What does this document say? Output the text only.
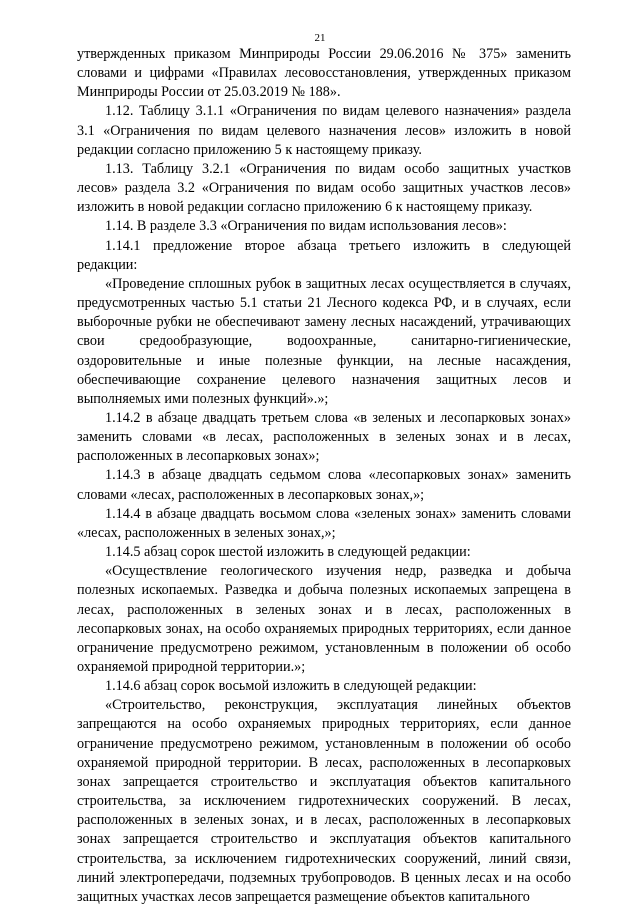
21

утвержденных приказом Минприроды России 29.06.2016 № 375» заменить словами и цифрами «Правилах лесовосстановления, утвержденных приказом Минприроды России от 25.03.2019 № 188».

1.12. Таблицу 3.1.1 «Ограничения по видам целевого назначения» раздела 3.1 «Ограничения по видам целевого назначения лесов» изложить в новой редакции согласно приложению 5 к настоящему приказу.

1.13. Таблицу 3.2.1 «Ограничения по видам особо защитных участков лесов» раздела 3.2 «Ограничения по видам особо защитных участков лесов» изложить в новой редакции согласно приложению 6 к настоящему приказу.

1.14. В разделе 3.3 «Ограничения по видам использования лесов»:

1.14.1 предложение второе абзаца третьего изложить в следующей редакции:

«Проведение сплошных рубок в защитных лесах осуществляется в случаях, предусмотренных частью 5.1 статьи 21 Лесного кодекса РФ, и в случаях, если выборочные рубки не обеспечивают замену лесных насаждений, утрачивающих свои средообразующие, водоохранные, санитарно-гигиенические, оздоровительные и иные полезные функции, на лесные насаждения, обеспечивающие сохранение целевого назначения защитных лесов и выполняемых ими полезных функций».»;

1.14.2 в абзаце двадцать третьем слова «в зеленых и лесопарковых зонах» заменить словами «в лесах, расположенных в зеленых зонах и в лесах, расположенных в лесопарковых зонах»;

1.14.3 в абзаце двадцать седьмом слова «лесопарковых зонах» заменить словами «лесах, расположенных в лесопарковых зонах,»;

1.14.4 в абзаце двадцать восьмом слова «зеленых зонах» заменить словами «лесах, расположенных в зеленых зонах,»;

1.14.5 абзац сорок шестой изложить в следующей редакции:

«Осуществление геологического изучения недр, разведка и добыча полезных ископаемых. Разведка и добыча полезных ископаемых запрещена в лесах, расположенных в зеленых зонах и в лесах, расположенных в лесопарковых зонах, на особо охраняемых природных территориях, если данное ограничение предусмотрено режимом, установленным в положении об особо охраняемой природной территории.»;

1.14.6 абзац сорок восьмой изложить в следующей редакции:

«Строительство, реконструкция, эксплуатация линейных объектов запрещаются на особо охраняемых природных территориях, если данное ограничение предусмотрено режимом, установленным в положении об особо охраняемой природной территории. В лесах, расположенных в лесопарковых зонах запрещается строительство и эксплуатация объектов капитального строительства, за исключением гидротехнических сооружений. В лесах, расположенных в зеленых зонах, и в лесах, расположенных в лесопарковых зонах запрещается строительство и эксплуатация объектов капитального строительства, за исключением гидротехнических сооружений, линий связи, линий электропередачи, подземных трубопроводов. В ценных лесах и на особо защитных участках лесов запрещается размещение объектов капитального
